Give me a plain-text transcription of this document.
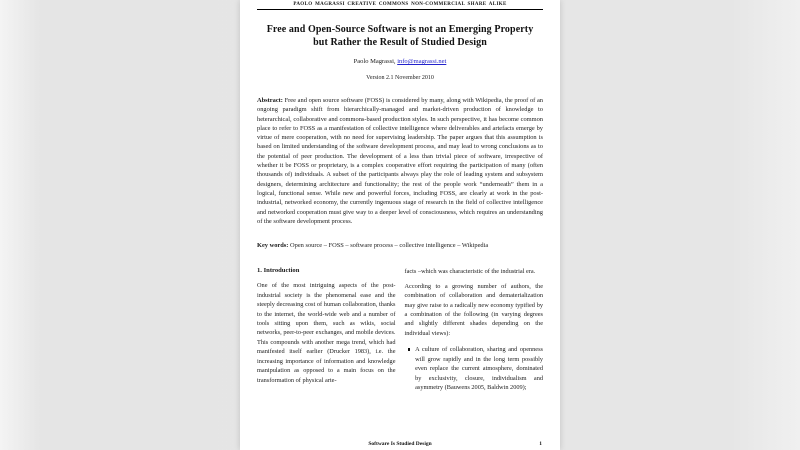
PAOLO MAGRASSI CREATIVE COMMONS NON-COMMERCIAL SHARE ALIKE
Free and Open-Source Software is not an Emerging Property
but Rather the Result of Studied Design
Paolo Magrassi, info@magrassi.net
Version 2.1 November 2010

Abstract: Free and open source software (FOSS) is considered by many, along with Wikipedia, the proof of an ongoing paradigm shift from hierarchically-managed and market-driven production of knowledge to heterarchical, collaborative and commons-based production styles. In such perspective, it has become common place to refer to FOSS as a manifestation of collective intelligence where deliverables and artefacts emerge by virtue of mere cooperation, with no need for supervising leadership. The paper argues that this assumption is based on limited understanding of the software development process, and may lead to wrong conclusions as to the potential of peer production. The development of a less than trivial piece of software, irrespective of whether it be FOSS or proprietary, is a complex cooperative effort requiring the participation of many (often thousands of) individuals. A subset of the participants always play the role of leading system and subsystem designers, determining architecture and functionality; the rest of the people work “underneath” them in a logical, functional sense. While new and powerful forces, including FOSS, are clearly at work in the post-industrial, networked economy, the currently ingenuous stage of research in the field of collective intelligence and networked cooperation must give way to a deeper level of consciousness, which requires an understanding of the software development process.

Key words: Open source – FOSS – software process – collective intelligence – Wikipedia

1. Introduction

One of the most intriguing aspects of the post-industrial society is the phenomenal ease and the steeply decreasing cost of human collaboration, thanks to the internet, the world-wide web and a number of tools sitting upon them, such as wikis, social networks, peer-to-peer exchanges, and mobile devices. This compounds with another mega trend, which had manifested itself earlier (Drucker 1983), i.e. the increasing importance of information and knowledge manipulation as opposed to a main focus on the transformation of physical arte-

facts –which was characteristic of the industrial era.

According to a growing number of authors, the combination of collaboration and dematerialization may give raise to a radically new economy typified by a combination of the following (in varying degrees and slightly different shades depending on the individual views):

A culture of collaboration, sharing and openness will grow rapidly and in the long term possibly even replace the current atmosphere, dominated by exclusivity, closure, individualism and asymmetry (Bauwens 2005, Baldwin 2009);

Software Is Studied Design	1
